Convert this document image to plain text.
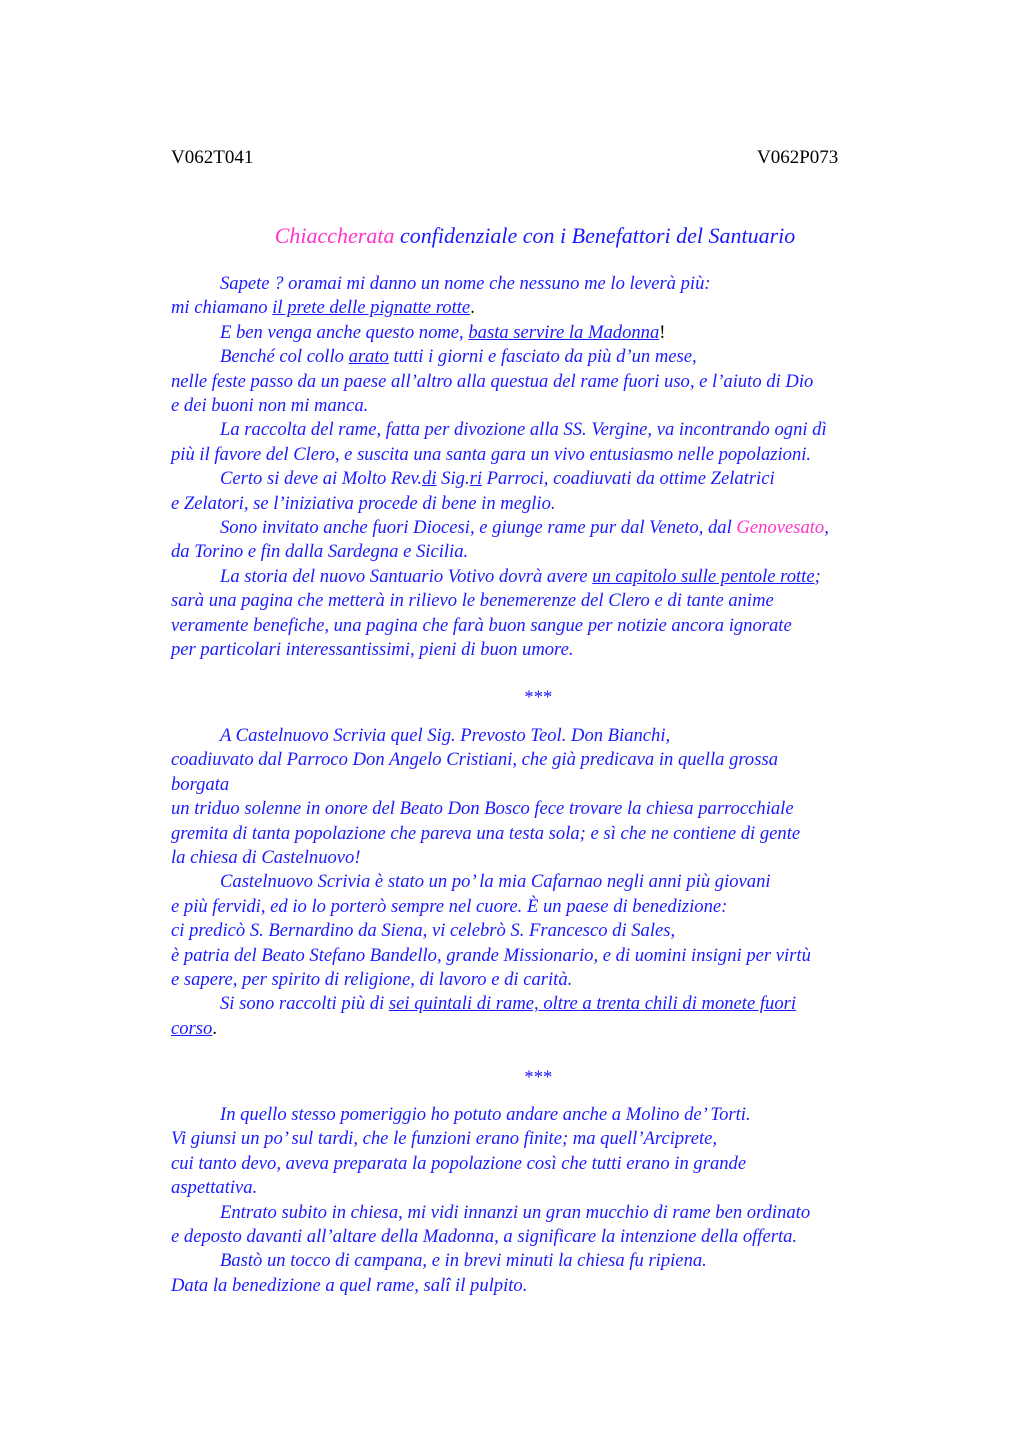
V062T041	V062P073
Chiaccherata confidenziale con i Benefattori del Santuario
Sapete ? oramai mi danno un nome che nessuno me lo leverà più:
mi chiamano il prete delle pignatte rotte.
E ben venga anche questo nome, basta servire la Madonna!
Benché col collo arato tutti i giorni e fasciato da più d’un mese,
nelle feste passo da un paese all’altro alla questua del rame fuori uso, e l’aiuto di Dio
e dei buoni non mi manca.
La raccolta del rame, fatta per divozione alla SS. Vergine, va incontrando ogni dì
più il favore del Clero, e suscita una santa gara un vivo entusiasmo nelle popolazioni.
Certo si deve ai Molto Rev.di Sig.ri Parroci, coadiuvati da ottime Zelatrici
e Zelatori, se l’iniziativa procede di bene in meglio.
Sono invitato anche fuori Diocesi, e giunge rame pur dal Veneto, dal Genovesato,
da Torino e fin dalla Sardegna e Sicilia.
La storia del nuovo Santuario Votivo dovrà avere un capitolo sulle pentole rotte;
sarà una pagina che metterà in rilievo le benemerenze del Clero e di tante anime
veramente benefiche, una pagina che farà buon sangue per notizie ancora ignorate
per particolari interessantissimi, pieni di buon umore.
***
A Castelnuovo Scrivia quel Sig. Prevosto Teol. Don Bianchi,
coadiuvato dal Parroco Don Angelo Cristiani, che già predicava in quella grossa
borgata
un triduo solenne in onore del Beato Don Bosco fece trovare la chiesa parrocchiale
gremita di tanta popolazione che pareva una testa sola; e sì che ne contiene di gente
la chiesa di Castelnuovo!
Castelnuovo Scrivia è stato un po’ la mia Cafarnao negli anni più giovani
e più fervidi, ed io lo porterò sempre nel cuore. È un paese di benedizione:
ci predicò S. Bernardino da Siena, vi celebrò S. Francesco di Sales,
è patria del Beato Stefano Bandello, grande Missionario, e di uomini insigni per virtù
e sapere, per spirito di religione, di lavoro e di carità.
Si sono raccolti più di sei quintali di rame, oltre a trenta chili di monete fuori
corso.
***
In quello stesso pomeriggio ho potuto andare anche a Molino de’ Torti.
Vi giunsi un po’ sul tardi, che le funzioni erano finite; ma quell’Arciprete,
cui tanto devo, aveva preparata la popolazione così che tutti erano in grande
aspettativa.
Entrato subito in chiesa, mi vidi innanzi un gran mucchio di rame ben ordinato
e deposto davanti all’altare della Madonna, a significare la intenzione della offerta.
Bastò un tocco di campana, e in brevi minuti la chiesa fu ripiena.
Data la benedizione a quel rame, salî il pulpito.
